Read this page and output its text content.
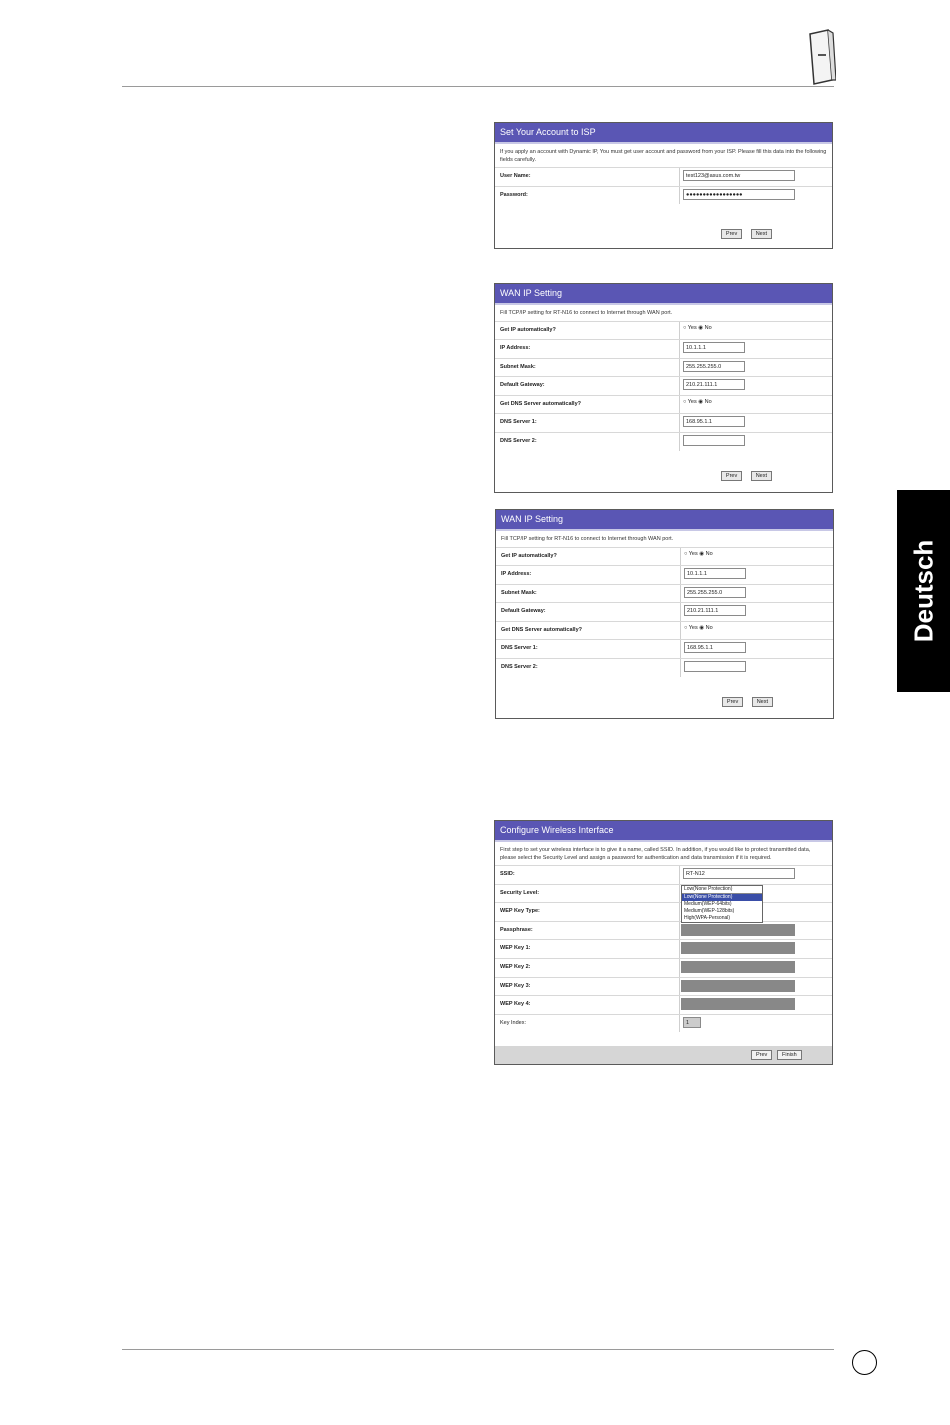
Deutsch
Set Your Account to ISP
If you apply an account with Dynamic IP, You must get user account and password from your ISP. Please fill this data into the following fields carefully.
User Name:	test123@asus.com.tw
Password:	●●●●●●●●●●●●●●●●●
Prev	Next
WAN IP Setting
Fill TCP/IP setting for RT-N16 to connect to Internet through WAN port.
Get IP automatically?	○ Yes ◉ No
IP Address:	10.1.1.1
Subnet Mask:	255.255.255.0
Default Gateway:	210.21.111.1
Get DNS Server automatically?	○ Yes ◉ No
DNS Server 1:	168.95.1.1
DNS Server 2:
Prev	Next
WAN IP Setting
Fill TCP/IP setting for RT-N16 to connect to Internet through WAN port.
Get IP automatically?	○ Yes ◉ No
IP Address:	10.1.1.1
Subnet Mask:	255.255.255.0
Default Gateway:	210.21.111.1
Get DNS Server automatically?	○ Yes ◉ No
DNS Server 1:	168.95.1.1
DNS Server 2:
Prev	Next
Configure Wireless Interface
First step to set your wireless interface is to give it a name, called SSID. In addition, if you would like to protect transmitted data, please select the Security Level and assign a password for authentication and data transmission if it is required.
SSID:	RT-N12
Security Level:
Low(None Protection)
Low(None Protection)
Medium(WEP-64bits)
Medium(WEP-128bits)
High(WPA-Personal)
WEP Key Type:
Passphrase:
WEP Key 1:
WEP Key 2:
WEP Key 3:
WEP Key 4:
Key Index:	1
Prev	Finish
